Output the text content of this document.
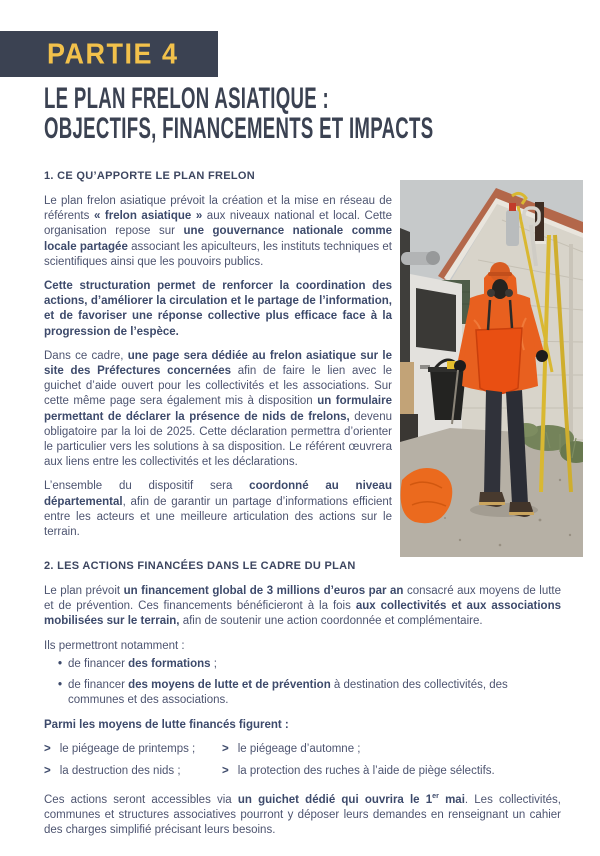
PARTIE 4
LE PLAN FRELON ASIATIQUE :
OBJECTIFS, FINANCEMENTS ET IMPACTS
1. CE QU’APPORTE LE PLAN FRELON

Le plan frelon asiatique prévoit la création et la mise en réseau de référents « frelon asiatique » aux niveaux national et local. Cette organisation repose sur une gouvernance nationale comme locale partagée associant les apiculteurs, les instituts techniques et scientifiques ainsi que les pouvoirs publics.

Cette structuration permet de renforcer la coordination des actions, d’améliorer la circulation et le partage de l’information, et de favoriser une réponse collective plus efficace face à la progression de l’espèce.

Dans ce cadre, une page sera dédiée au frelon asiatique sur le site des Préfectures concernées afin de faire le lien avec le guichet d’aide ouvert pour les collectivités et les associations. Sur cette même page sera également mis à disposition un formulaire permettant de déclarer la présence de nids de frelons, devenu obligatoire par la loi de 2025. Cette déclaration permettra d’orienter le particulier vers les solutions à sa disposition. Le référent œuvrera aux liens entre les collectivités et les déclarations.

L’ensemble du dispositif sera coordonné au niveau départemental, afin de garantir un partage d’informations efficient entre les acteurs et une meilleure articulation des actions sur le terrain.

2. LES ACTIONS FINANCÉES DANS LE CADRE DU PLAN

Le plan prévoit un financement global de 3 millions d’euros par an consacré aux moyens de lutte et de prévention. Ces financements bénéficieront à la fois aux collectivités et aux associations mobilisées sur le terrain, afin de soutenir une action coordonnée et complémentaire.

Ils permettront notamment :

• de financer des formations ;
• de financer des moyens de lutte et de prévention à destination des collectivités, des communes et des associations.

Parmi les moyens de lutte financés figurent :

> le piégeage de printemps ; > le piégeage d’automne ;
> la destruction des nids ;	> la protection des ruches à l’aide de piège sélectifs.

Ces actions seront accessibles via un guichet dédié qui ouvrira le 1er mai. Les collectivités, communes et structures associatives pourront y déposer leurs demandes en renseignant un cahier des charges simplifié précisant leurs besoins.
